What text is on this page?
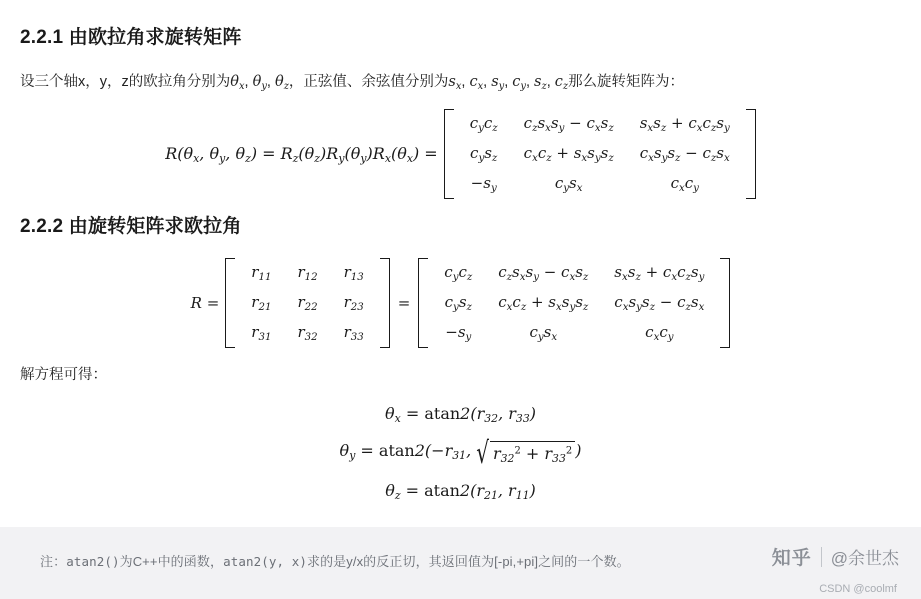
2.2.1 由欧拉角求旋转矩阵

设三个轴x，y，z的欧拉角分别为$\theta_x$, $\theta_y$, $\theta_z$，正弦值、余弦值分别为$s_x$, $c_x$, $s_y$, $c_y$, $s_z$, $c_z$那么旋转矩阵为：

$R(\theta_x$, $\theta_y$, $\theta_z) = R_z(\theta_z)R_y(\theta_y)R_x(\theta_x)$ =
$c_yc_z$	$c_zs_xs_y - c_xs_z$	$s_xs_z + c_xc_zs_y$
$c_ys_z$	$c_xc_z + s_xs_ys_z$	$c_xs_ys_z - c_zs_x$
$-s_y$	$c_ys_x$	$c_xc_y$
2.2.2 由旋转矩阵求欧拉角
R =
$r_{11}$	$r_{12}$	$r_{13}$
$r_{21}$	$r_{22}$	$r_{23}$
$r_{31}$	$r_{32}$	$r_{33}$
=
$c_yc_z$	$c_zs_xs_y - c_xs_z$	$s_xs_z + c_xc_zs_y$
$c_ys_z$	$c_xc_z + s_xs_ys_z$	$c_xs_ys_z - c_zs_x$
$-s_y$	$c_ys_x$	$c_xc_y$

解方程可得：

$\theta_x = atan2(r_{32}$, $r_{33}$)
$\theta_y = atan2(-r_{31}$, √ $r_{32}^2 + r_{33}^2$ )
$\theta_z = atan2(r_{21}$, $r_{11}$)
注：atan2()为C++中的函数，atan2(y, x)求的是y/x的反正切，其返回值为[-pi,+pi]之间的一个数。	知乎 @余世杰
CSDN @coolmf
